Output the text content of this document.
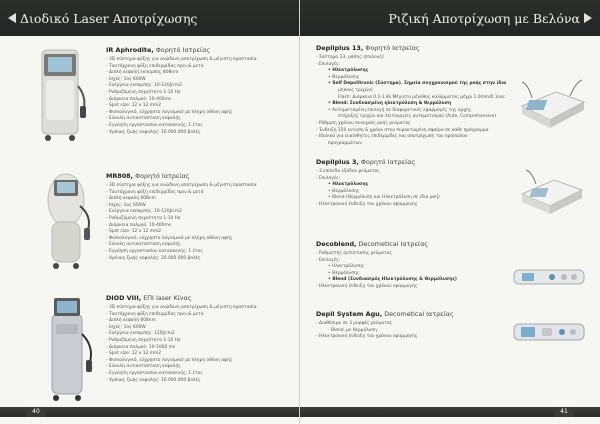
Διοδικό Laser Αποτρίχωσης
IR Aphrodite, Φορητό Ιατρείας
- 3D σύστημα ψύξης για ανώδυνη αποτρίχωση & μέγιστη προστασία
- Ταυτόχρονη ψύξη επιδερμίδας πριν & μετά
- Διπλή κεφαλή εκπομπής 808nm
- Ισχύς: 1ος 600W
- Ενέργεια εκπομπής: 10-120J/cm2
- Ρυθμιζόμενη συχνότητα 1-10 Hz
- Διάρκεια παλμού: 10-400ms
- Spot size: 12 x 12 mm2
- Φυσιολογικό, εύχρηστο λογισμικό με πλήρη οθόνη αφής
- Εύκολη αντικατάσταση κεφαλής
- Εγγύηση εργοστασίου κατασκευής: 1 έτος
- Χρόνος ζωής κεφαλής: 10.000.000 βολές
MR808, Φορητό Ιατρείας
- 3D σύστημα ψύξης για ανώδυνη αποτρίχωση & μέγιστη προστασία
- Ταυτόχρονη ψύξη επιδερμίδας πριν & μετά
- Διπλή κεφαλή 808nm
- Ισχύς: 1ος 600W
- Ενέργεια εκπομπής: 10-120J/cm2
- Ρυθμιζόμενη συχνότητα 1-10 Hz
- Διάρκεια παλμού: 10-400ms
- Spot size: 12 x 12 mm2
- Φυσιολογικό, εύχρηστο λογισμικό με πλήρη οθόνη αφής
- Εύκολη αντικατάσταση κεφαλής
- Εγγύηση εργοστασίου κατασκευής: 1 έτος
- Χρόνος ζωής κεφαλής: 20.000.000 βολές
DIOD VIII, ΕΠΙ laser Κίνας
- 3D σύστημα ψύξης για ανώδυνη αποτρίχωση & μέγιστη προστασία
- Ταυτόχρονη ψύξη επιδερμίδας πριν & μετά
- Διπλή κεφαλή 808nm
- Ισχύς: 1ος 600W
- Ενέργεια εκπομπής: 120J/cm2
- Ρυθμιζόμενη συχνότητα 1-10 Hz
- Διάρκεια παλμού: 10-1000 ms
- Spot size: 12 x 12 mm2
- Φυσιολογικό, εύχρηστο λογισμικό με πλήρη οθόνη αφής
- Εύκολη αντικατάσταση κεφαλής
- Εγγύηση εργοστασίου κατασκευής: 1 έτος
- Χρόνος ζωής κεφαλής: 10.000.000 βολές
40
Ριζική Αποτρίχωση με Βελόνα
Depilplus 13, Φορητό Ιατρείας
- Σύστημα 13, μάσης (επιλογή)
- Επιλογές:
• Ηλεκτρόλυσης
• Θερμόλυσης
• Self Depolitronic (Σύστημα). Σημεία συγχρονισμού της ροής στην ίδια
μήκους τριχών)
Flash: Διάρκεια 0.1-1.8s Μέγιστο μέγεθος καλύμματος μέχρι 1.0mm/0.1sec
• Blend: Συνδυασμένη ηλεκτρόλυση & θερμόλυση
• Αυτοματισμένη επιλογή σε διαφορετικές εφαρμογές της αρχής
στήριξης τριχών και λειτουργίες αυτοματισμού (Auto, Comprehensive)
- Ρύθμιση χρόνου συνεχούς ροής ρεύματος
- Ένδειξη 150 ενταση & χρόνο στην πυρακτωμένη σφαίρα σε κάθε πρόγραμμα
- Ιδανικό για ευαίσθητες επιδερμίδες και αποτρίχωση του προσώπου
προγραμμάτων
Depilplus 3, Φορητό Ιατρείας
- 3 επίπεδα εξόδου ρεύματος
- Επιλογές:
• Ηλεκτρόλυσης
• Θερμόλυσης
• Blend (Θερμόλυση και Ηλεκτρόλυση σε ίδια ροή)
- Ηλεκτρονική ένδειξη του χρόνου εφαρμογής
Decoblend, Decometical Ιατρείας
- Ρυθμιστής αντίστασης ρεύματος
- Επιλογές:
• Ηλεκτρόλυσης
• Θερμόλυσης
• Blend (Συνδυασμός Ηλεκτρόλυσης & Θερμόλυσης)
- Ηλεκτρονική ένδειξη του χρόνου εφαρμογής
Depil System Agu, Decometical Ιατρείας
- Διαθέσιμο σε 3 μορφές ρεύματος
- Blend, με θερμόλυση
- Ηλεκτρονική ένδειξη του χρόνου εφαρμογής
41
